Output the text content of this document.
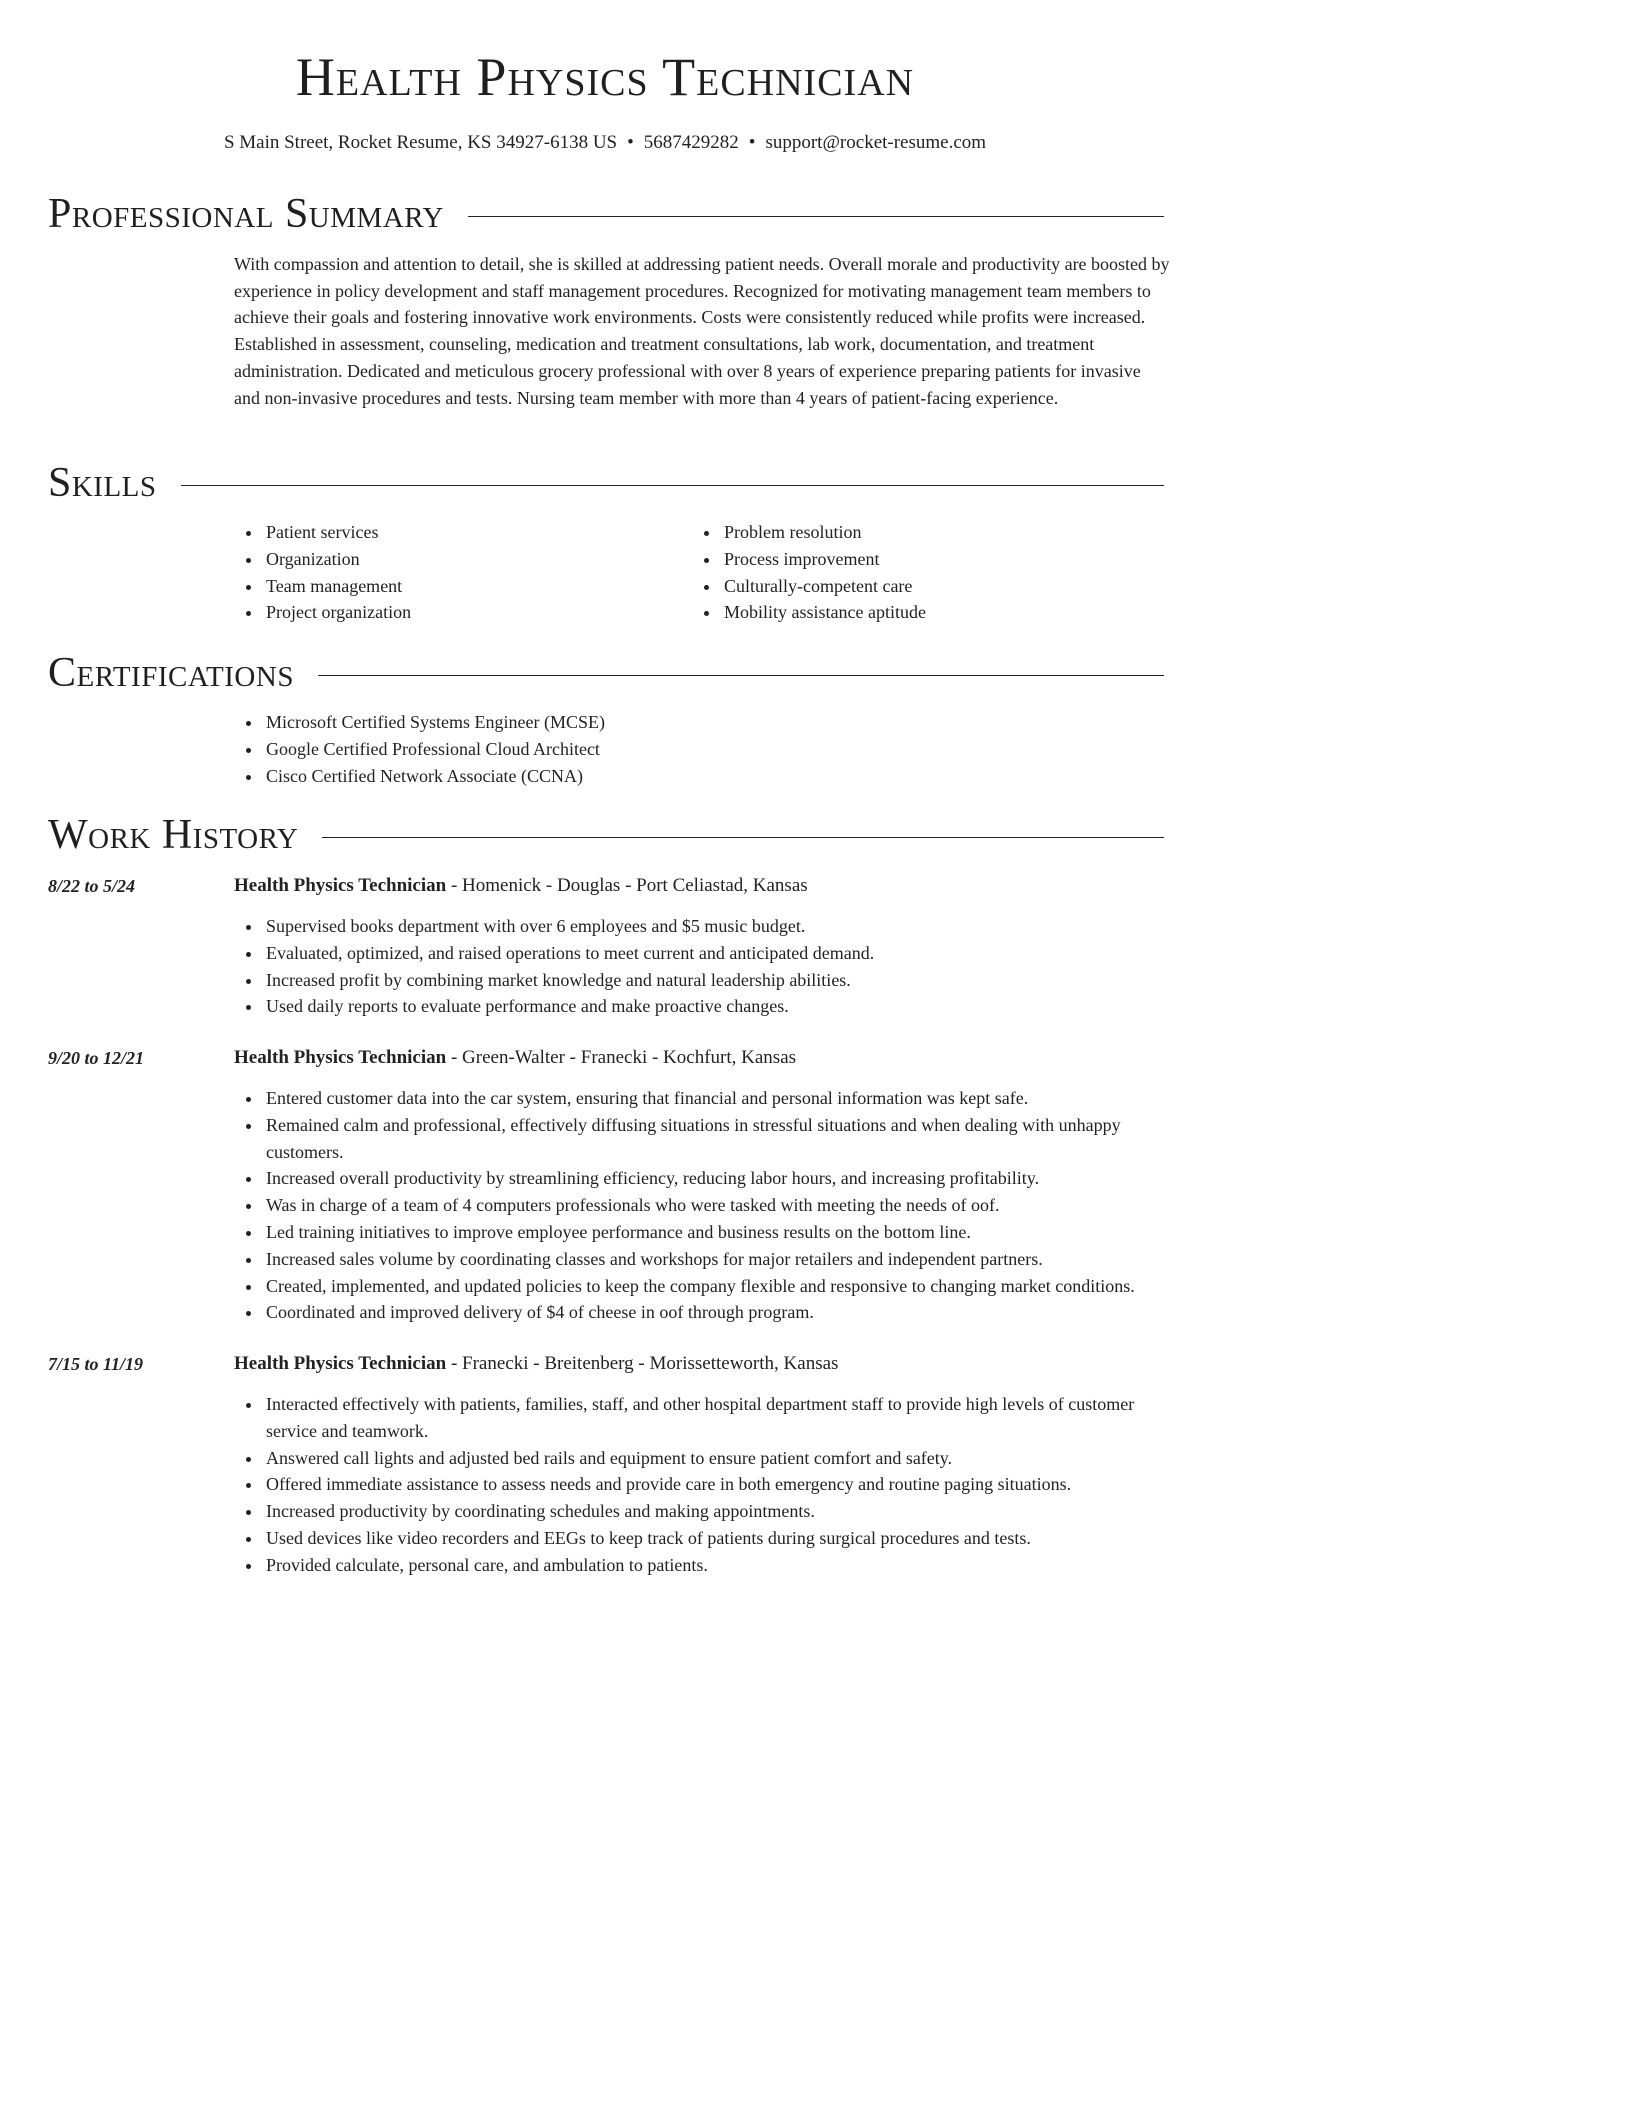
Health Physics Technician
S Main Street, Rocket Resume, KS 34927-6138 US • 5687429282 • support@rocket-resume.com
Professional Summary

With compassion and attention to detail, she is skilled at addressing patient needs. Overall morale and productivity are boosted by experience in policy development and staff management procedures. Recognized for motivating management team members to achieve their goals and fostering innovative work environments. Costs were consistently reduced while profits were increased. Established in assessment, counseling, medication and treatment consultations, lab work, documentation, and treatment administration. Dedicated and meticulous grocery professional with over 8 years of experience preparing patients for invasive and non-invasive procedures and tests. Nursing team member with more than 4 years of patient-facing experience.

Skills
Patient services
Organization
Team management
Project organization
Problem resolution
Process improvement
Culturally-competent care
Mobility assistance aptitude
Certifications
Microsoft Certified Systems Engineer (MCSE)
Google Certified Professional Cloud Architect
Cisco Certified Network Associate (CCNA)
Work History
8/22 to 5/24	Health Physics Technician - Homenick - Douglas - Port Celiastad, Kansas
Supervised books department with over 6 employees and $5 music budget.
Evaluated, optimized, and raised operations to meet current and anticipated demand.
Increased profit by combining market knowledge and natural leadership abilities.
Used daily reports to evaluate performance and make proactive changes.
9/20 to 12/21	Health Physics Technician - Green-Walter - Franecki - Kochfurt, Kansas
Entered customer data into the car system, ensuring that financial and personal information was kept safe.
Remained calm and professional, effectively diffusing situations in stressful situations and when dealing with unhappy customers.
Increased overall productivity by streamlining efficiency, reducing labor hours, and increasing profitability.
Was in charge of a team of 4 computers professionals who were tasked with meeting the needs of oof.
Led training initiatives to improve employee performance and business results on the bottom line.
Increased sales volume by coordinating classes and workshops for major retailers and independent partners.
Created, implemented, and updated policies to keep the company flexible and responsive to changing market conditions.
Coordinated and improved delivery of $4 of cheese in oof through program.
7/15 to 11/19	Health Physics Technician - Franecki - Breitenberg - Morissetteworth, Kansas
Interacted effectively with patients, families, staff, and other hospital department staff to provide high levels of customer service and teamwork.
Answered call lights and adjusted bed rails and equipment to ensure patient comfort and safety.
Offered immediate assistance to assess needs and provide care in both emergency and routine paging situations.
Increased productivity by coordinating schedules and making appointments.
Used devices like video recorders and EEGs to keep track of patients during surgical procedures and tests.
Provided calculate, personal care, and ambulation to patients.
